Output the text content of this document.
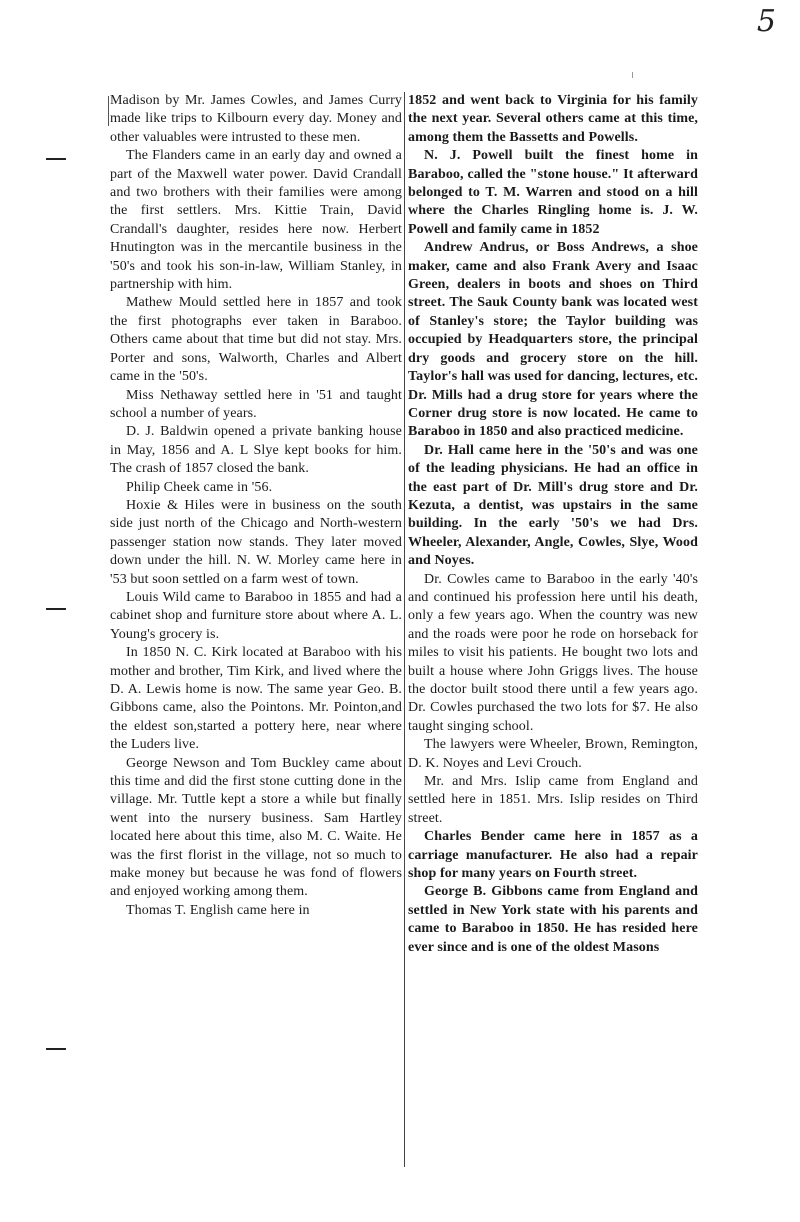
5

Madison by Mr. James Cowles, and James Curry made like trips to Kilbourn every day. Money and other valuables were intrusted to these men.

The Flanders came in an early day and owned a part of the Maxwell water power. David Crandall and two brothers with their families were among the first settlers. Mrs. Kittie Train, David Crandall's daughter, resides here now. Herbert Hnutington was in the mercantile business in the '50's and took his son-in-law, William Stanley, in partnership with him.

Mathew Mould settled here in 1857 and took the first photographs ever taken in Baraboo. Others came about that time but did not stay. Mrs. Porter and sons, Walworth, Charles and Albert came in the '50's.

Miss Nethaway settled here in '51 and taught school a number of years.

D. J. Baldwin opened a private banking house in May, 1856 and A. L Slye kept books for him. The crash of 1857 closed the bank.

Philip Cheek came in '56.

Hoxie & Hiles were in business on the south side just north of the Chicago and North-western passenger station now stands. They later moved down under the hill. N. W. Morley came here in '53 but soon settled on a farm west of town.

Louis Wild came to Baraboo in 1855 and had a cabinet shop and furniture store about where A. L. Young's grocery is.

In 1850 N. C. Kirk located at Baraboo with his mother and brother, Tim Kirk, and lived where the D. A. Lewis home is now. The same year Geo. B. Gibbons came, also the Pointons. Mr. Pointon,and the eldest son,started a pottery here, near where the Luders live.

George Newson and Tom Buckley came about this time and did the first stone cutting done in the village. Mr. Tuttle kept a store a while but finally went into the nursery business. Sam Hartley located here about this time, also M. C. Waite. He was the first florist in the village, not so much to make money but because he was fond of flowers and enjoyed working among them.

Thomas T. English came here in

1852 and went back to Virginia for his family the next year. Several others came at this time, among them the Bassetts and Powells.

N. J. Powell built the finest home in Baraboo, called the "stone house." It afterward belonged to T. M. Warren and stood on a hill where the Charles Ringling home is. J. W. Powell and family came in 1852

Andrew Andrus, or Boss Andrews, a shoe maker, came and also Frank Avery and Isaac Green, dealers in boots and shoes on Third street. The Sauk County bank was located west of Stanley's store; the Taylor building was occupied by Headquarters store, the principal dry goods and grocery store on the hill. Taylor's hall was used for dancing, lectures, etc. Dr. Mills had a drug store for years where the Corner drug store is now located. He came to Baraboo in 1850 and also practiced medicine.

Dr. Hall came here in the '50's and was one of the leading physicians. He had an office in the east part of Dr. Mill's drug store and Dr. Kezuta, a dentist, was upstairs in the same building. In the early '50's we had Drs. Wheeler, Alexander, Angle, Cowles, Slye, Wood and Noyes.

Dr. Cowles came to Baraboo in the early '40's and continued his profession here until his death, only a few years ago. When the country was new and the roads were poor he rode on horseback for miles to visit his patients. He bought two lots and built a house where John Griggs lives. The house the doctor built stood there until a few years ago. Dr. Cowles purchased the two lots for $7. He also taught singing school.

The lawyers were Wheeler, Brown, Remington, D. K. Noyes and Levi Crouch.

Mr. and Mrs. Islip came from England and settled here in 1851. Mrs. Islip resides on Third street.

Charles Bender came here in 1857 as a carriage manufacturer. He also had a repair shop for many years on Fourth street.

George B. Gibbons came from England and settled in New York state with his parents and came to Baraboo in 1850. He has resided here ever since and is one of the oldest Masons
